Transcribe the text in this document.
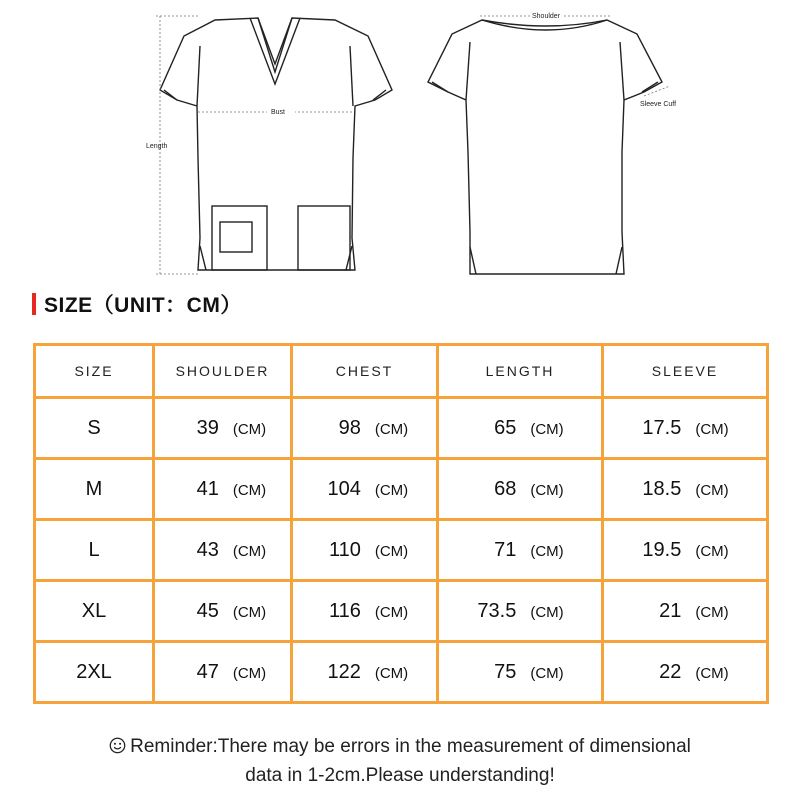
Length
Bust
Shoulder
Sleeve Cuff
SIZE（UNIT：CM）
SIZE	SHOULDER	CHEST	LENGTH	SLEEVE
S	39 (CM)	98 (CM)	65 (CM)	17.5 (CM)
M	41 (CM)	104 (CM)	68 (CM)	18.5 (CM)
L	43 (CM)	110 (CM)	71 (CM)	19.5 (CM)
XL	45 (CM)	116 (CM)	73.5 (CM)	21 (CM)
2XL	47 (CM)	122 (CM)	75 (CM)	22 (CM)
Reminder:There may be errors in the measurement of dimensional
data in 1-2cm.Please understanding!
